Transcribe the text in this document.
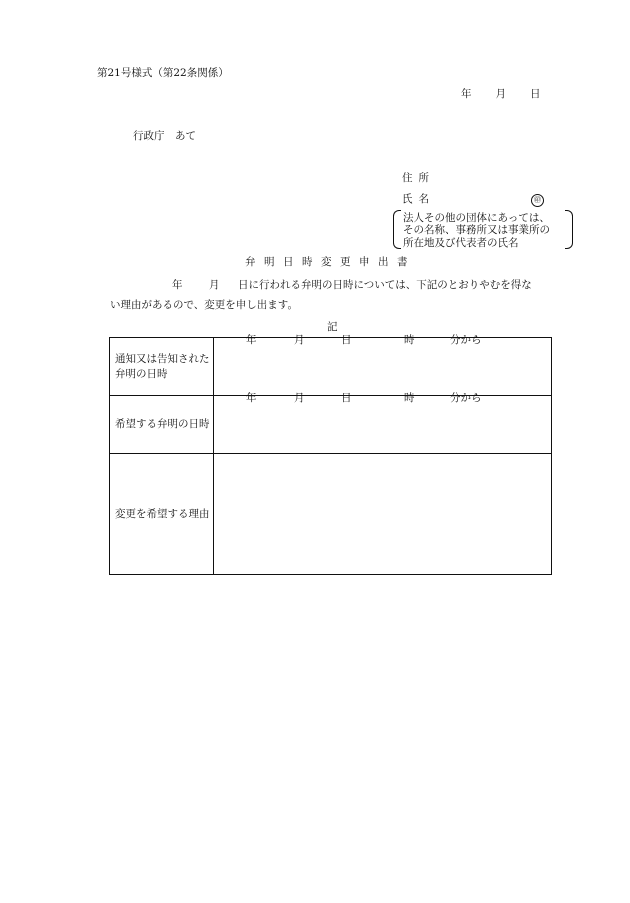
第21号様式（第22条関係）
年 月 日
行政庁　あて
住所
氏名	㊞
法人その他の団体にあっては、
その名称、事務所又は事業所の
所在地及び代表者の氏名
弁明日時変更申出書
年	月 日に行われる弁明の日時については、下記のとおりやむを得な
い理由があるので、変更を申し出ます。
記
通知又は告知された弁明の日時	年 月 日 時 分から

希望する弁明の日時	年 月 日 時 分から

変更を希望する理由	
